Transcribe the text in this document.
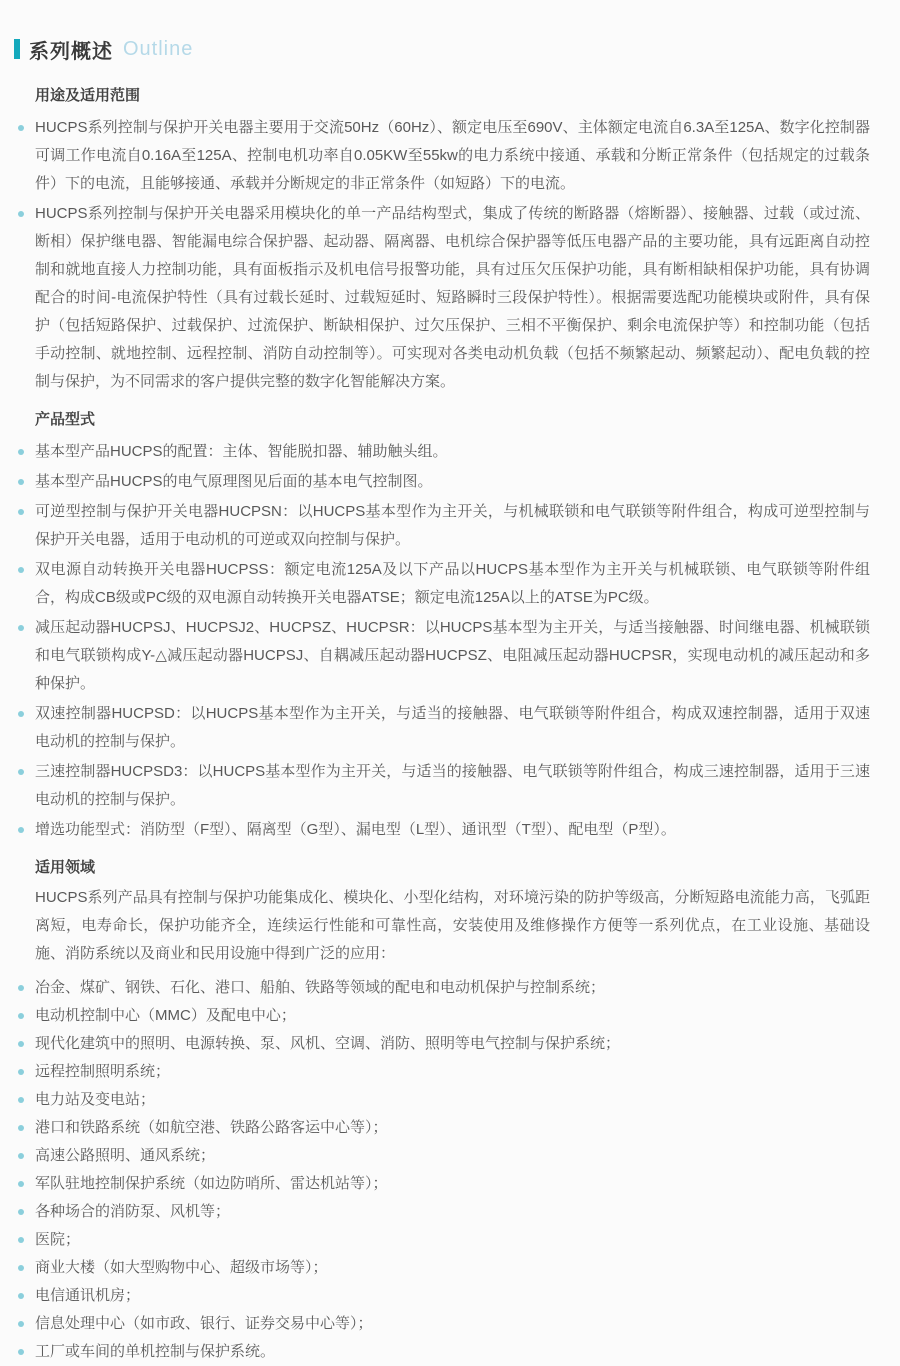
系列概述 Outline
用途及适用范围
HUCPS系列控制与保护开关电器主要用于交流50Hz（60Hz）、额定电压至690V、主体额定电流自6.3A至125A、数字化控制器可调工作电流自0.16A至125A、控制电机功率自0.05KW至55kw的电力系统中接通、承载和分断正常条件（包括规定的过载条件）下的电流，且能够接通、承载并分断规定的非正常条件（如短路）下的电流。
HUCPS系列控制与保护开关电器采用模块化的单一产品结构型式，集成了传统的断路器（熔断器）、接触器、过载（或过流、断相）保护继电器、智能漏电综合保护器、起动器、隔离器、电机综合保护器等低压电器产品的主要功能，具有远距离自动控制和就地直接人力控制功能，具有面板指示及机电信号报警功能，具有过压欠压保护功能，具有断相缺相保护功能，具有协调配合的时间-电流保护特性（具有过载长延时、过载短延时、短路瞬时三段保护特性）。根据需要选配功能模块或附件，具有保护（包括短路保护、过载保护、过流保护、断缺相保护、过欠压保护、三相不平衡保护、剩余电流保护等）和控制功能（包括手动控制、就地控制、远程控制、消防自动控制等）。可实现对各类电动机负载（包括不频繁起动、频繁起动）、配电负载的控制与保护，为不同需求的客户提供完整的数字化智能解决方案。
产品型式
基本型产品HUCPS的配置：主体、智能脱扣器、辅助触头组。
基本型产品HUCPS的电气原理图见后面的基本电气控制图。
可逆型控制与保护开关电器HUCPSN：以HUCPS基本型作为主开关，与机械联锁和电气联锁等附件组合，构成可逆型控制与保护开关电器，适用于电动机的可逆或双向控制与保护。
双电源自动转换开关电器HUCPSS：额定电流125A及以下产品以HUCPS基本型作为主开关与机械联锁、电气联锁等附件组合，构成CB级或PC级的双电源自动转换开关电器ATSE；额定电流125A以上的ATSE为PC级。
减压起动器HUCPSJ、HUCPSJ2、HUCPSZ、HUCPSR：以HUCPS基本型为主开关，与适当接触器、时间继电器、机械联锁和电气联锁构成Y-△减压起动器HUCPSJ、自耦减压起动器HUCPSZ、电阻减压起动器HUCPSR，实现电动机的减压起动和多种保护。
双速控制器HUCPSD：以HUCPS基本型作为主开关，与适当的接触器、电气联锁等附件组合，构成双速控制器，适用于双速电动机的控制与保护。
三速控制器HUCPSD3：以HUCPS基本型作为主开关，与适当的接触器、电气联锁等附件组合，构成三速控制器，适用于三速电动机的控制与保护。
增选功能型式：消防型（F型）、隔离型（G型）、漏电型（L型）、通讯型（T型）、配电型（P型）。
适用领域

HUCPS系列产品具有控制与保护功能集成化、模块化、小型化结构，对环境污染的防护等级高，分断短路电流能力高，飞弧距离短，电寿命长，保护功能齐全，连续运行性能和可靠性高，安装使用及维修操作方便等一系列优点，在工业设施、基础设施、消防系统以及商业和民用设施中得到广泛的应用：

冶金、煤矿、钢铁、石化、港口、船舶、铁路等领域的配电和电动机保护与控制系统；
电动机控制中心（MMC）及配电中心；
现代化建筑中的照明、电源转换、泵、风机、空调、消防、照明等电气控制与保护系统；
远程控制照明系统；
电力站及变电站；
港口和铁路系统（如航空港、铁路公路客运中心等）；
高速公路照明、通风系统；
军队驻地控制保护系统（如边防哨所、雷达机站等）；
各种场合的消防泵、风机等；
医院；
商业大楼（如大型购物中心、超级市场等）；
电信通讯机房；
信息处理中心（如市政、银行、证券交易中心等）；
工厂或车间的单机控制与保护系统。
